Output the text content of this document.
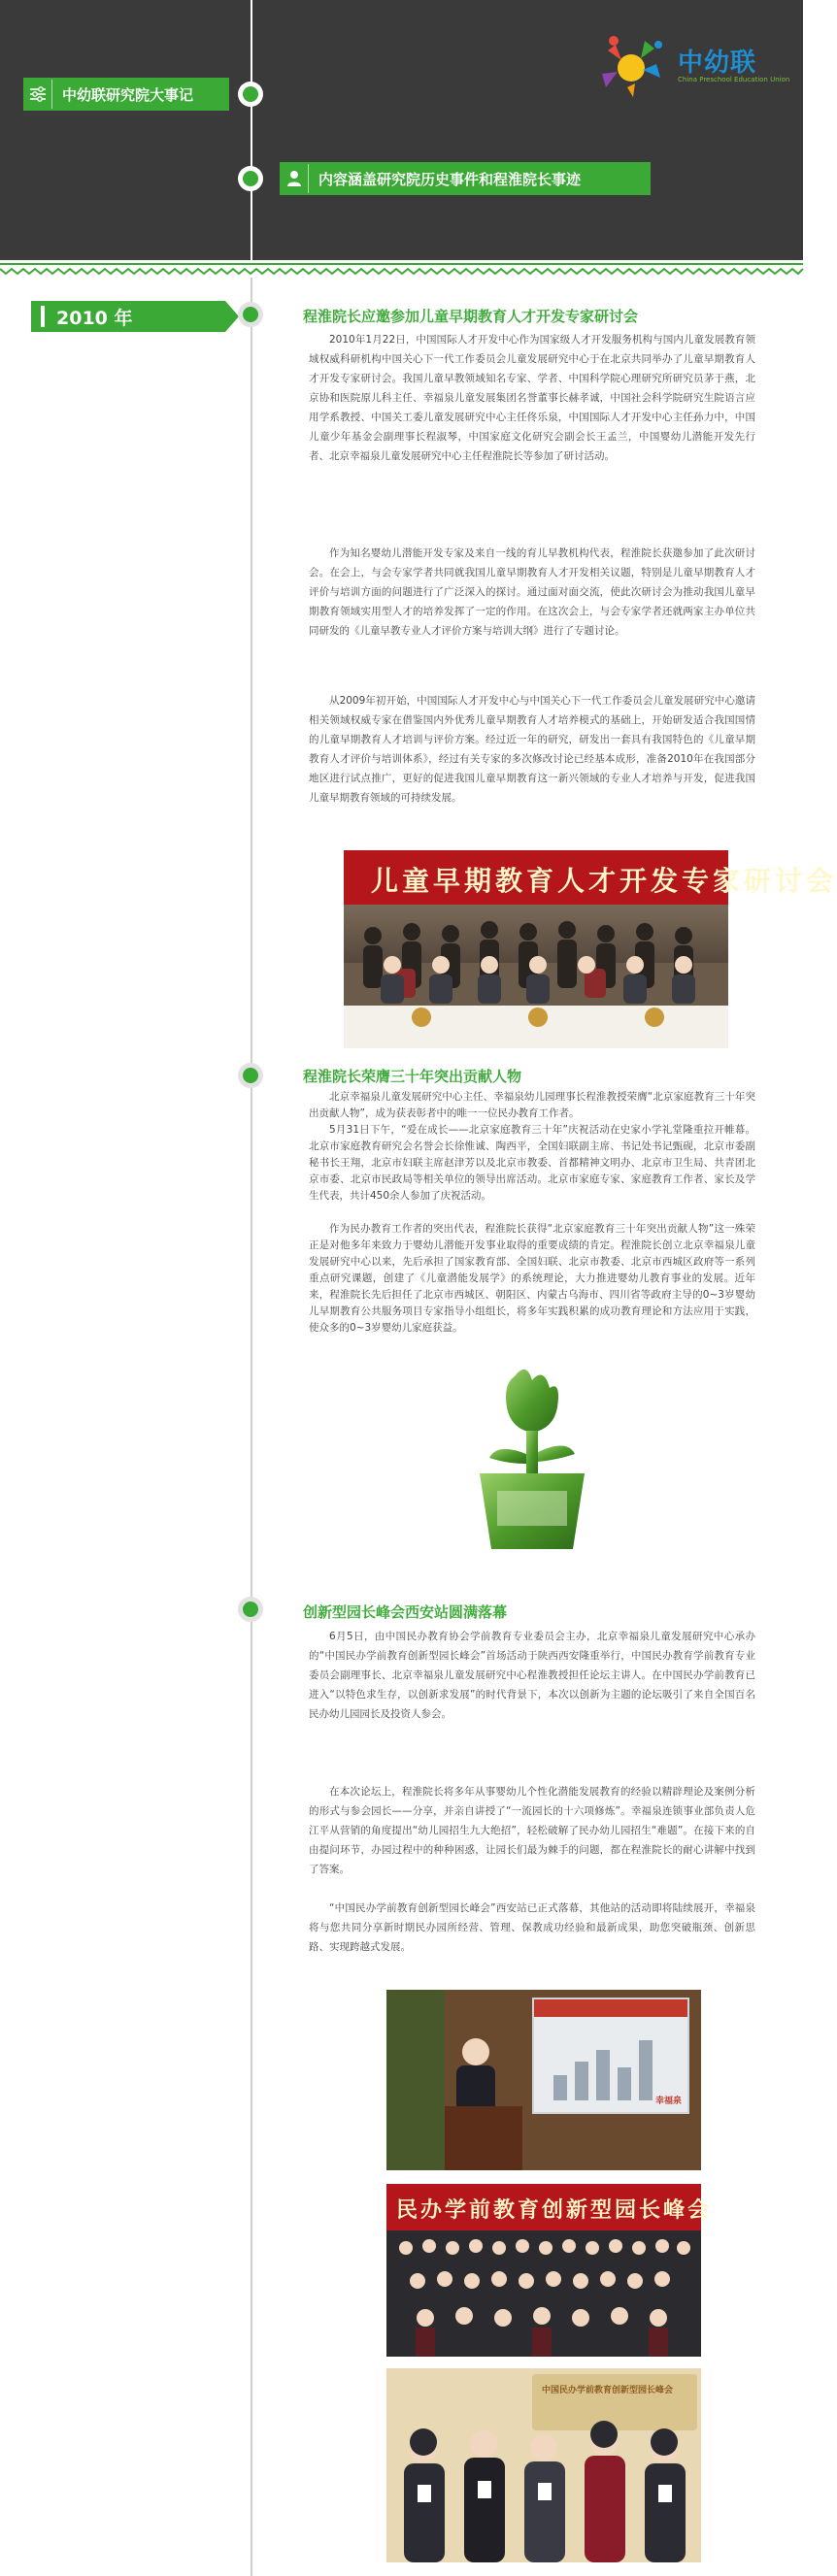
中幼联研究院大事记
内容涵盖研究院历史事件和程淮院长事迹
中幼联
China Preschool Education Union
2010 年	程淮院长应邀参加儿童早期教育人才开发专家研讨会

2010年1月22日，中国国际人才开发中心作为国家级人才开发服务机构与国内儿童发展教育领域权威科研机构中国关心下一代工作委员会儿童发展研究中心于在北京共同举办了儿童早期教育人才开发专家研讨会。我国儿童早教领域知名专家、学者、中国科学院心理研究所研究员茅于燕，北京协和医院原儿科主任、幸福泉儿童发展集团名誉董事长赫孝诚，中国社会科学院研究生院语言应用学系教授、中国关工委儿童发展研究中心主任佟乐泉，中国国际人才开发中心主任孙力中，中国儿童少年基金会副理事长程淑琴，中国家庭文化研究会副会长王孟兰，中国婴幼儿潜能开发先行者、北京幸福泉儿童发展研究中心主任程淮院长等参加了研讨活动。

作为知名婴幼儿潜能开发专家及来自一线的育儿早教机构代表，程淮院长获邀参加了此次研讨会。在会上，与会专家学者共同就我国儿童早期教育人才开发相关议题，特别是儿童早期教育人才评价与培训方面的问题进行了广泛深入的探讨。通过面对面交流，使此次研讨会为推动我国儿童早期教育领域实用型人才的培养发挥了一定的作用。在这次会上，与会专家学者还就两家主办单位共同研发的《儿童早教专业人才评价方案与培训大纲》进行了专题讨论。

从2009年初开始，中国国际人才开发中心与中国关心下一代工作委员会儿童发展研究中心邀请相关领域权威专家在借鉴国内外优秀儿童早期教育人才培养模式的基础上，开始研发适合我国国情的儿童早期教育人才培训与评价方案。经过近一年的研究，研发出一套具有我国特色的《儿童早期教育人才评价与培训体系》，经过有关专家的多次修改讨论已经基本成形，准备2010年在我国部分地区进行试点推广，更好的促进我国儿童早期教育这一新兴领域的专业人才培养与开发，促进我国儿童早期教育领域的可持续发展。

儿童早期教育人才开发专家研讨会
程淮院长荣膺三十年突出贡献人物

北京幸福泉儿童发展研究中心主任、幸福泉幼儿园理事长程淮教授荣膺“北京家庭教育三十年突出贡献人物”，成为获表彰者中的唯一一位民办教育工作者。

5月31日下午，“爱在成长——北京家庭教育三十年”庆祝活动在史家小学礼堂隆重拉开帷幕。北京市家庭教育研究会名誉会长徐惟诚、陶西平，全国妇联副主席、书记处书记甄砚，北京市委副秘书长王翔，北京市妇联主席赵津芳以及北京市教委、首都精神文明办、北京市卫生局、共青团北京市委、北京市民政局等相关单位的领导出席活动。北京市家庭专家、家庭教育工作者、家长及学生代表，共计450余人参加了庆祝活动。

作为民办教育工作者的突出代表，程淮院长获得“北京家庭教育三十年突出贡献人物”这一殊荣正是对他多年来致力于婴幼儿潜能开发事业取得的重要成绩的肯定。程淮院长创立北京幸福泉儿童发展研究中心以来，先后承担了国家教育部、全国妇联、北京市教委、北京市西城区政府等一系列重点研究课题，创建了《儿童潜能发展学》的系统理论，大力推进婴幼儿教育事业的发展。近年来，程淮院长先后担任了北京市西城区、朝阳区、内蒙古乌海市、四川省等政府主导的0~3岁婴幼儿早期教育公共服务项目专家指导小组组长，将多年实践积累的成功教育理论和方法应用于实践，使众多的0~3岁婴幼儿家庭获益。

创新型园长峰会西安站圆满落幕

6月5日，由中国民办教育协会学前教育专业委员会主办，北京幸福泉儿童发展研究中心承办的“中国民办学前教育创新型园长峰会”首场活动于陕西西安隆重举行，中国民办教育学前教育专业委员会副理事长、北京幸福泉儿童发展研究中心程淮教授担任论坛主讲人。在中国民办学前教育已进入“以特色求生存，以创新求发展”的时代背景下，本次以创新为主题的论坛吸引了来自全国百名民办幼儿园园长及投资人参会。

在本次论坛上，程淮院长将多年从事婴幼儿个性化潜能发展教育的经验以精辟理论及案例分析的形式与参会园长——分享，并亲自讲授了“一流园长的十六项修炼”。幸福泉连锁事业部负责人危江平从营销的角度提出“幼儿园招生九大绝招”，轻松破解了民办幼儿园招生“难题”。在接下来的自由提问环节，办园过程中的种种困惑，让园长们最为棘手的问题，都在程淮院长的耐心讲解中找到了答案。

“中国民办学前教育创新型园长峰会”西安站已正式落幕，其他站的活动即将陆续展开，幸福泉将与您共同分享新时期民办园所经营、管理、保教成功经验和最新成果，助您突破瓶颈、创新思路、实现跨越式发展。

幸福泉
民办学前教育创新型园长峰会
中国民办学前教育创新型园长峰会
